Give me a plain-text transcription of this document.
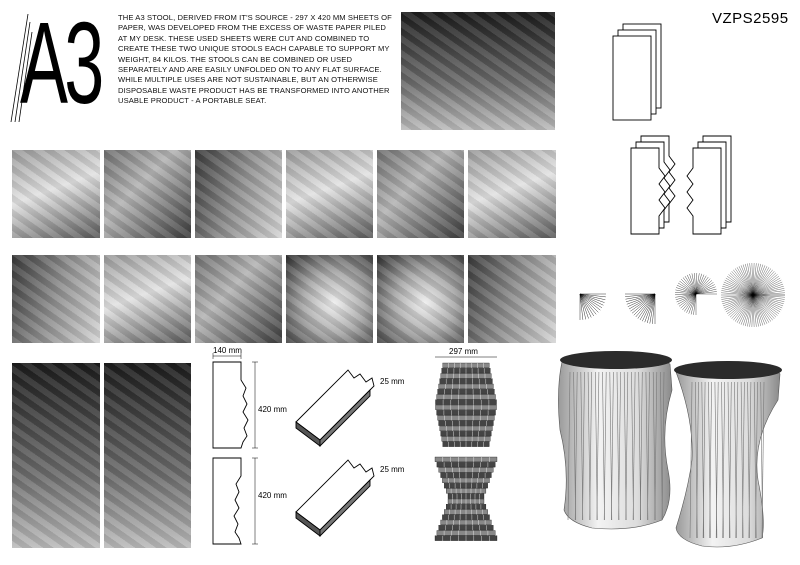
A3 THE A3 STOOL, DERIVED FROM IT'S SOURCE - 297 X 420 MM SHEETS OF PAPER, WAS DEVELOPED FROM THE EXCESS OF WASTE PAPER PILED AT MY DESK. THESE USED SHEETS WERE CUT AND COMBINED TO CREATE THESE TWO UNIQUE STOOLS EACH CAPABLE TO SUPPORT MY WEIGHT, 84 KILOS. THE STOOLS CAN BE COMBINED OR USED SEPARATELY AND ARE EASILY UNFOLDED ON TO ANY FLAT SURFACE. WHILE MULTIPLE USES ARE NOT SUSTAINABLE, BUT AN OTHERWISE DISPOSABLE WASTE PRODUCT HAS BE TRANSFORMED INTO ANOTHER USABLE PRODUCT - A PORTABLE SEAT.
VZPS2595
140 mm
420 mm
420 mm
25 mm
25 mm
297 mm
